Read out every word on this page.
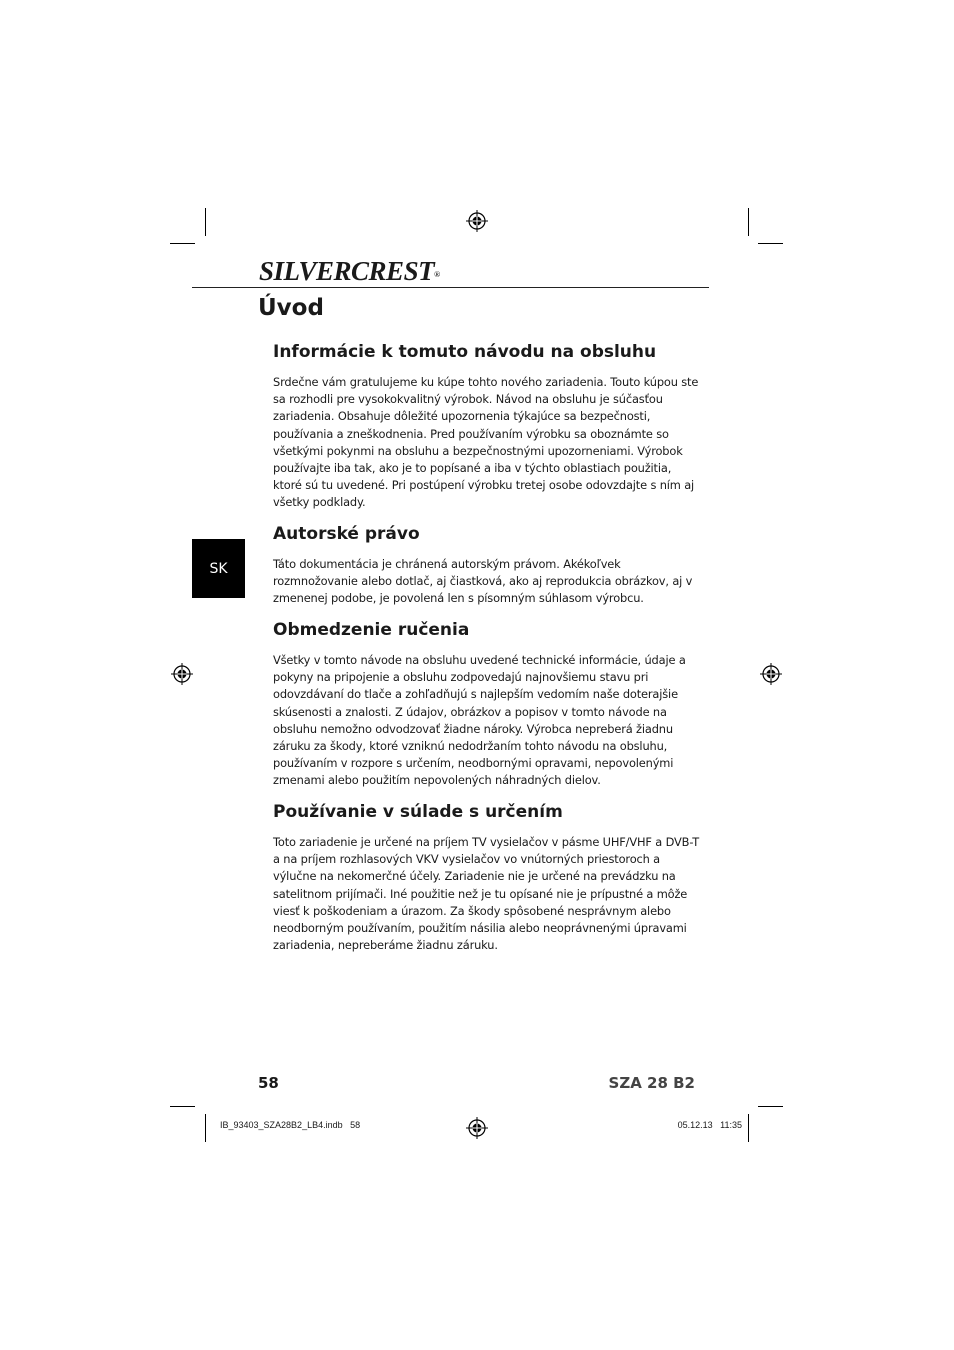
SILVERCREST®
Úvod
SK
Informácie k tomuto návodu na obsluhu

Srdečne vám gratulujeme ku kúpe tohto nového zariadenia. Touto kúpou ste sa rozhodli pre vysokokvalitný výrobok. Návod na obsluhu je súčasťou zariadenia. Obsahuje dôležité upozornenia týkajúce sa bezpečnosti, používania a zneškodnenia. Pred používaním výrobku sa oboznámte so všetkými pokynmi na obsluhu a bezpečnostnými upozorneniami. Výrobok používajte iba tak, ako je to popísané a iba v týchto oblastiach použitia, ktoré sú tu uvedené. Pri postúpení výrobku tretej osobe odovzdajte s ním aj všetky podklady.

Autorské právo

Táto dokumentácia je chránená autorským právom. Akékoľvek rozmnožovanie alebo dotlač, aj čiastková, ako aj reprodukcia obrázkov, aj v zmenenej podobe, je povolená len s písomným súhlasom výrobcu.

Obmedzenie ručenia

Všetky v tomto návode na obsluhu uvedené technické informácie, údaje a pokyny na pripojenie a obsluhu zodpovedajú najnovšiemu stavu pri odovzdávaní do tlače a zohľadňujú s najlepším vedomím naše doterajšie skúsenosti a znalosti. Z údajov, obrázkov a popisov v tomto návode na obsluhu nemožno odvodzovať žiadne nároky. Výrobca nepreberá žiadnu záruku za škody, ktoré vzniknú nedodržaním tohto návodu na obsluhu, používaním v rozpore s určením, neodbornými opravami, nepovolenými zmenami alebo použitím nepovolených náhradných dielov.

Používanie v súlade s určením

Toto zariadenie je určené na príjem TV vysielačov v pásme UHF/VHF a DVB-T a na príjem rozhlasových VKV vysielačov vo vnútorných priestoroch a výlučne na nekomerčné účely. Zariadenie nie je určené na prevádzku na satelitnom prijímači. Iné použitie než je tu opísané nie je prípustné a môže viesť k poškodeniam a úrazom. Za škody spôsobené nesprávnym alebo neodborným používaním, použitím násilia alebo neoprávnenými úpravami zariadenia, nepreberáme žiadnu záruku.

58	SZA 28 B2
IB_93403_SZA28B2_LB4.indb   58	05.12.13   11:35
